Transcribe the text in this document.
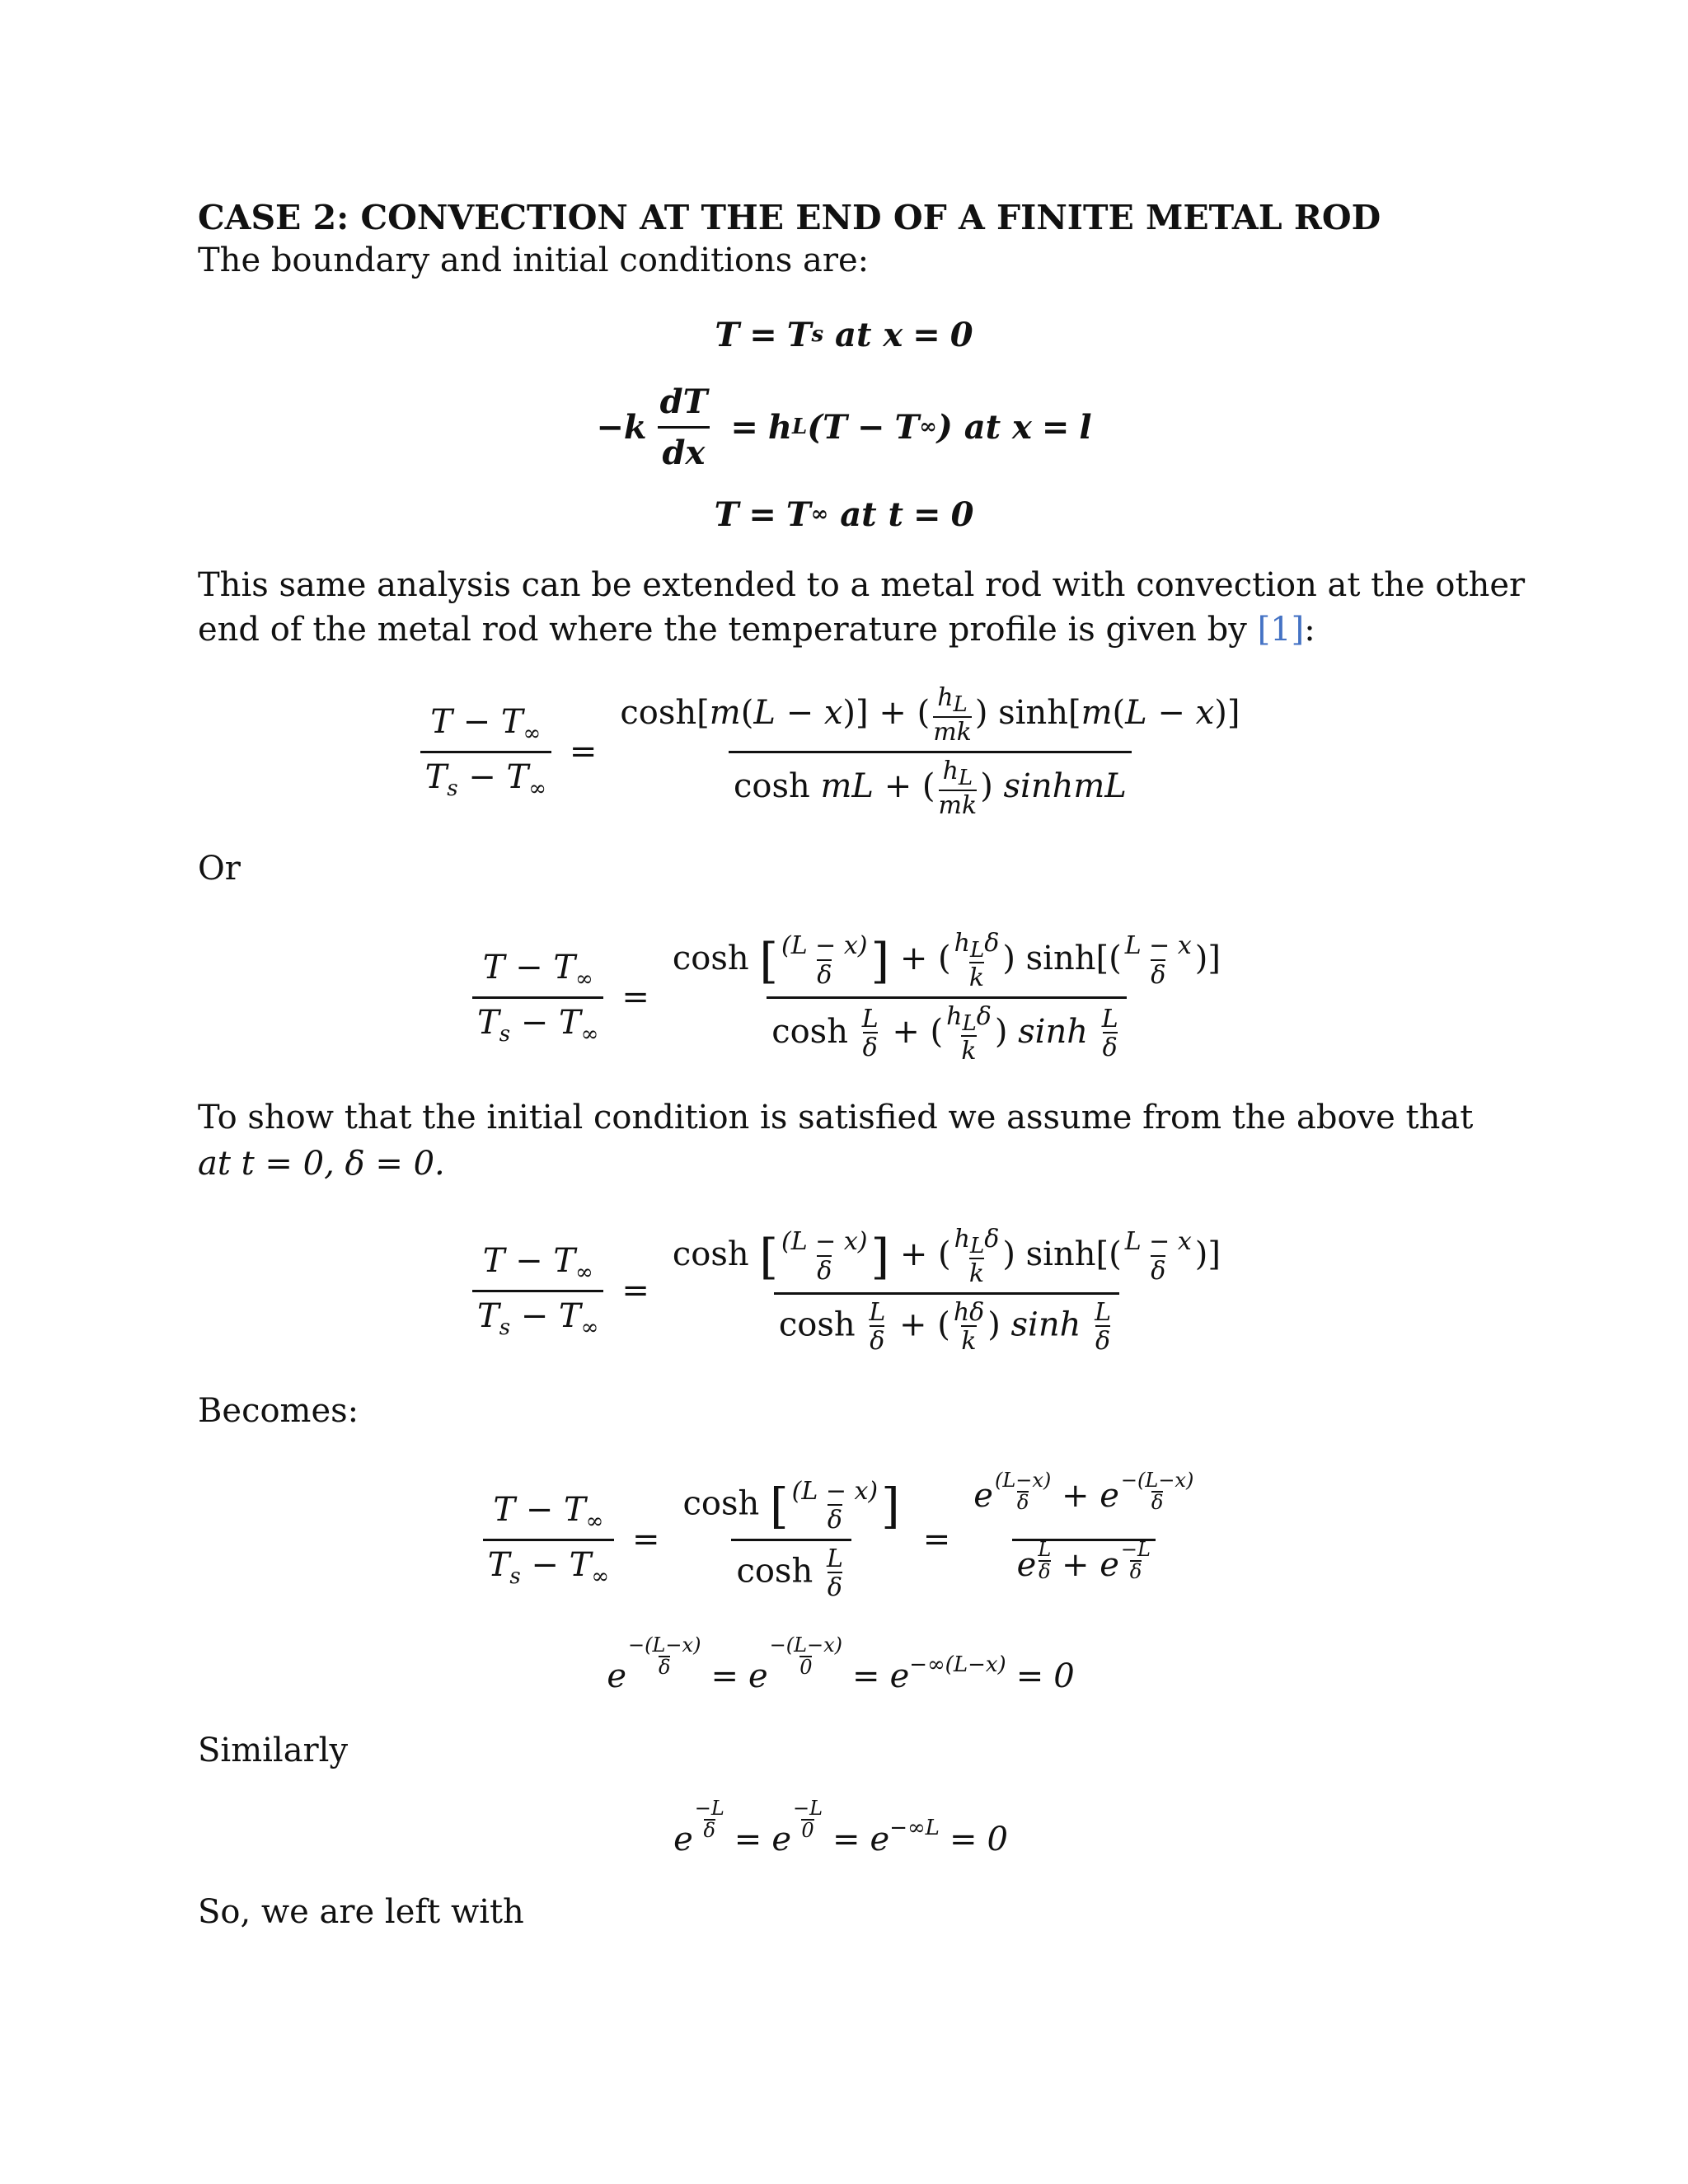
CASE 2: CONVECTION AT THE END OF A FINITE METAL ROD
The boundary and initial conditions are:
T = T s at x = 0
$-k \frac{dT}{dx} = h$ L (T − T ∞ ) at x = l
T = T ∞ at t = 0
This same analysis can be extended to a metal rod with convection at the other
end of the metal rod where the temperature profile is given by [1]:
$\frac{T - T_\infty}{T_s - T_\infty} = \frac{\cosh[m(L - x)] + ( \frac{h_L}{mk} ) \sinh[m(L - x)]}{\cosh mL + ( \frac{h_L}{mk} ) sinhmL}$
Or
$\frac{T - T_\infty}{T_s - T_\infty} = \cosh$ [ $\frac{(L - x)}{\delta}$ ] + ( $h_L\delta$
k
) $\sinh[( \frac{L - x}{\delta}$ )]
$\cosh \frac{L}{\delta}$ + ( $h_L\delta$
k
) $\sinh \frac{L}{\delta}$
To show that the initial condition is satisfied we assume from the above that
at t = 0, δ = 0.
$\frac{T - T_\infty}{T_s - T_\infty} = \cosh$ [ $\frac{(L - x)}{\delta}$ ] + ( $h_L\delta$
k
) $\sinh[( \frac{L - x}{\delta}$ )]
$\cosh \frac{L}{\delta}$ + ( $\frac{h\delta}{k}$ ) $\sinh \frac{L}{\delta}$
Becomes:
$\frac{T - T_\infty}{T_s - T_\infty} = \frac{\cosh [ \frac{(L - x)}{\delta} ]}{\cosh \frac{L}{\delta}} = \frac{e \frac{(L-x)}{\delta} + e \frac{-(L-x)}{\delta}}{e \frac{L}{\delta} + e \frac{-L}{\delta}}$
e $\frac{-(L-x)}{\delta} = e \frac{-(L-x)}{0} = e -\infty(L-x) = 0$
Similarly
e $\frac{-L}{\delta} = e \frac{-L}{0} = e -\infty L = 0$
So, we are left with
